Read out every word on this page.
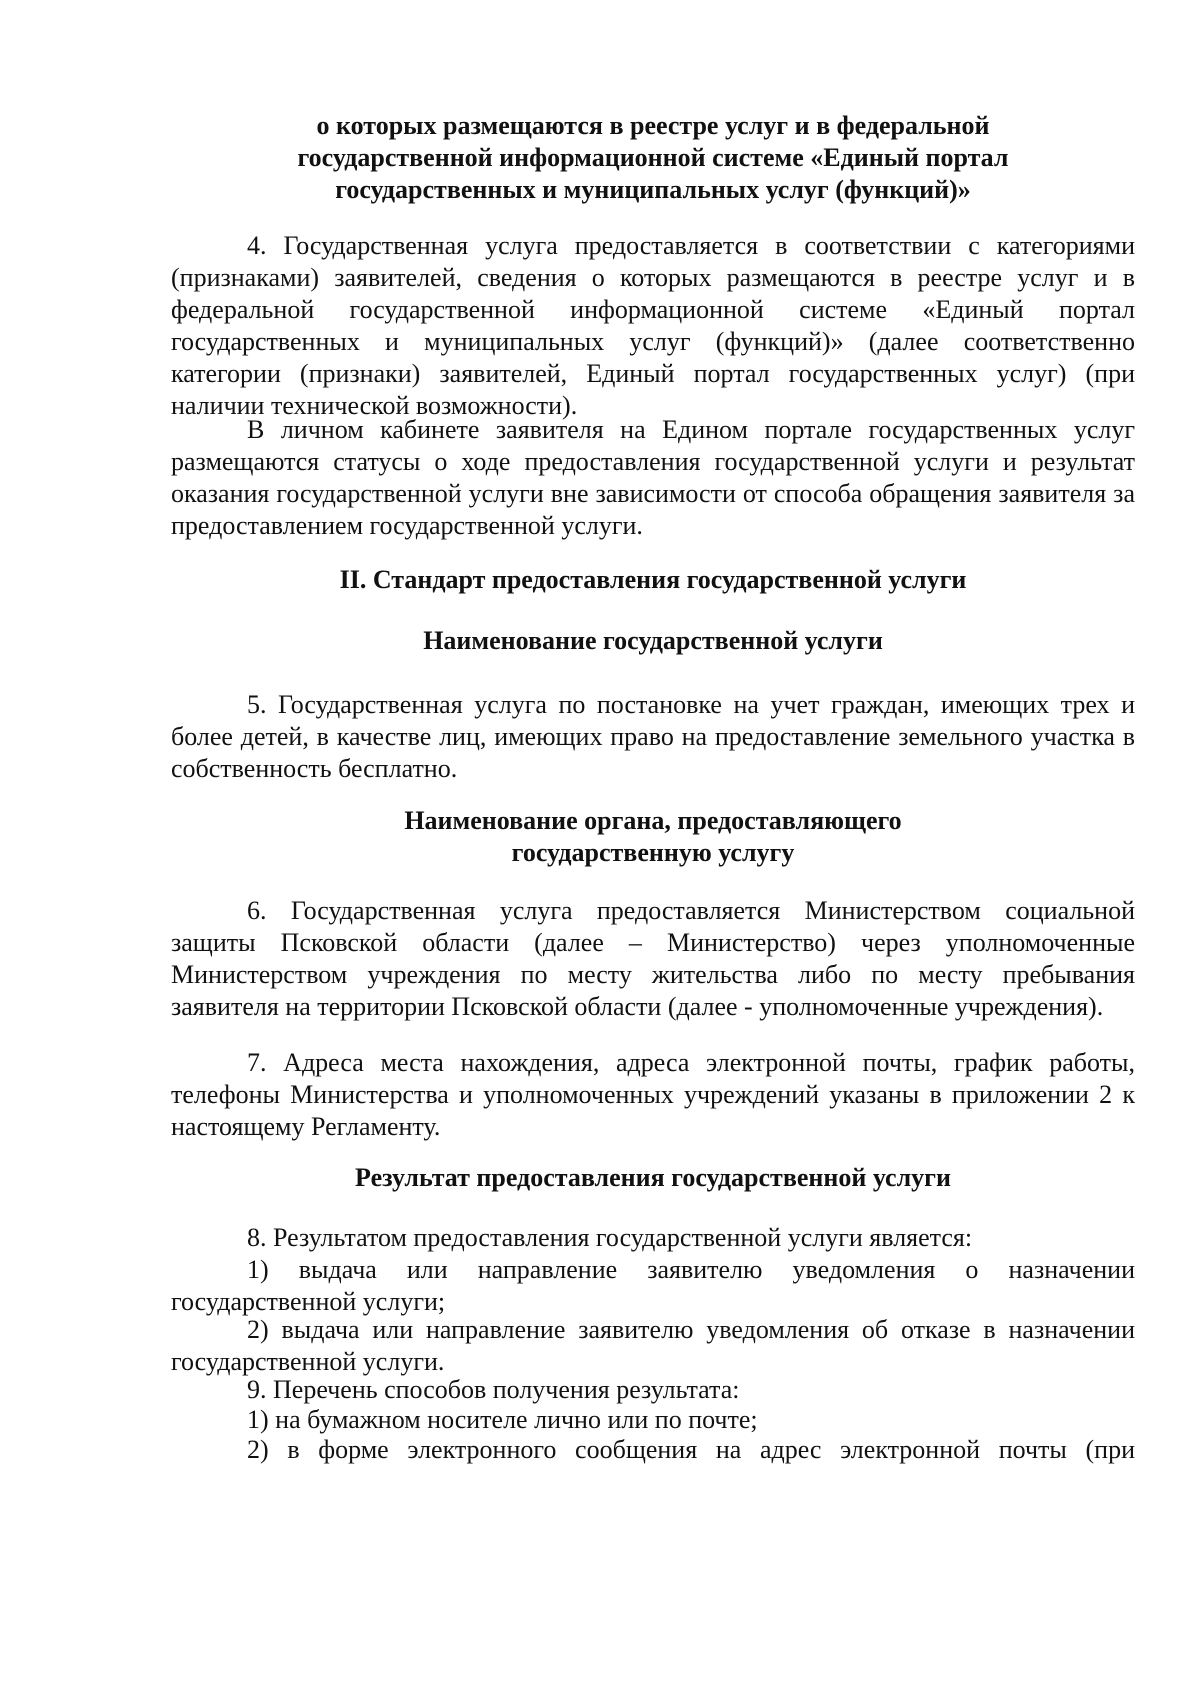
о которых размещаются в реестре услуг и в федеральной
государственной информационной системе «Единый портал
государственных и муниципальных услуг (функций)»

4. Государственная услуга предоставляется в соответствии с категориями (признаками) заявителей, сведения о которых размещаются в реестре услуг и в федеральной государственной информационной системе «Единый портал государственных и муниципальных услуг (функций)» (далее соответственно категории (признаки) заявителей, Единый портал государственных услуг) (при наличии технической возможности).

В личном кабинете заявителя на Едином портале государственных услуг размещаются статусы о ходе предоставления государственной услуги и результат оказания государственной услуги вне зависимости от способа обращения заявителя за предоставлением государственной услуги.

II. Стандарт предоставления государственной услуги
Наименование государственной услуги

5. Государственная услуга по постановке на учет граждан, имеющих трех и более детей, в качестве лиц, имеющих право на предоставление земельного участка в собственность бесплатно.

Наименование органа, предоставляющего
государственную услугу

6. Государственная услуга предоставляется Министерством социальной защиты Псковской области (далее – Министерство) через уполномоченные Министерством учреждения по месту жительства либо по месту пребывания заявителя на территории Псковской области (далее - уполномоченные учреждения).

7. Адреса места нахождения, адреса электронной почты, график работы, телефоны Министерства и уполномоченных учреждений указаны в приложении 2 к настоящему Регламенту.

Результат предоставления государственной услуги

8. Результатом предоставления государственной услуги является:

1) выдача или направление заявителю уведомления о назначении государственной услуги;

2) выдача или направление заявителю уведомления об отказе в назначении государственной услуги.

9. Перечень способов получения результата:

1) на бумажном носителе лично или по почте;

2) в форме электронного сообщения на адрес электронной почты (при
